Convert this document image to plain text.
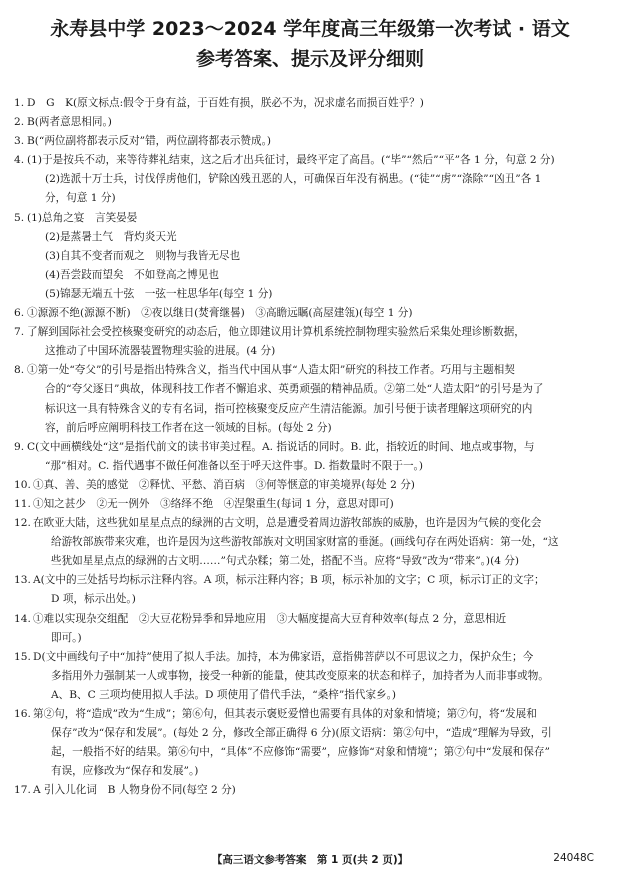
永寿县中学 2023～2024 学年度高三年级第一次考试 · 语文
参考答案、提示及评分细则
1. D　G　K(原文标点:假令于身有益，于百姓有损，朕必不为，况求虚名而损百姓乎？)
2. B(两者意思相同。)
3. B(“两位副将都表示反对”错，两位副将都表示赞成。)
4. (1)于是按兵不动，来等待葬礼结束，这之后才出兵征讨，最终平定了高昌。(“毕”“然后”“平”各 1 分，句意 2 分)
(2)选派十万士兵，讨伐俘虏他们，铲除凶残丑恶的人，可确保百年没有祸患。(“徒”“虏”“涤除”“凶丑”各 1
分，句意 1 分)
5. (1)总角之宴　言笑晏晏
(2)是蒸暑土气　背灼炎天光
(3)自其不变者而观之　则物与我皆无尽也
(4)吾尝跂而望矣　不如登高之博见也
(5)锦瑟无端五十弦　一弦一柱思华年(每空 1 分)
6. ①源源不绝(源源不断)　②夜以继日(焚膏继晷)　③高瞻远瞩(高屋建瓴)(每空 1 分)
7. 了解到国际社会受控核聚变研究的动态后，他立即建议用计算机系统控制物理实验然后采集处理诊断数据，
这推动了中国环流器装置物理实验的进展。(4 分)
8. ①第一处“夸父”的引号是指出特殊含义，指当代中国从事“人造太阳”研究的科技工作者。巧用与主题相契
合的“夸父逐日”典故，体现科技工作者不懈追求、英勇顽强的精神品质。②第二处“人造太阳”的引号是为了
标识这一具有特殊含义的专有名词，指可控核聚变反应产生清洁能源。加引号便于读者理解这项研究的内
容，前后呼应阐明科技工作者在这一领域的目标。(每处 2 分)
9. C(文中画横线处“这”是指代前文的读书审美过程。A. 指说话的同时。B. 此，指较近的时间、地点或事物，与
“那”相对。C. 指代遇事不做任何准备以至于呼天这件事。D. 指数量时不限于一。)
10. ①真、善、美的感觉　②释忧、平愁、消百病　③何等惬意的审美境界(每处 2 分)
11. ①知之甚少　②无一例外　③络绎不绝　④涅槃重生(每词 1 分，意思对即可)
12. 在欧亚大陆，这些犹如星星点点的绿洲的古文明，总是遭受着周边游牧部族的威胁，也许是因为气候的变化会
给游牧部族带来灾难，也许是因为这些游牧部族对文明国家财富的垂涎。(画线句存在两处语病：第一处，“这
些犹如星星点点的绿洲的古文明……”句式杂糅；第二处，搭配不当。应将“导致”改为“带来”。)(4 分)
13. A(文中的三处括号均标示注释内容。A 项，标示注释内容；B 项，标示补加的文字；C 项，标示订正的文字；
D 项，标示出处。)
14. ①难以实现杂交组配　②大豆花粉异季和异地应用　③大幅度提高大豆育种效率(每点 2 分，意思相近
即可。)
15. D(文中画线句子中“加持”使用了拟人手法。加持，本为佛家语，意指佛菩萨以不可思议之力，保护众生；今
多指用外力强制某一人或事物，接受一种新的能量，使其改变原来的状态和样子，加持者为人而非事或物。
A、B、C 三项均使用拟人手法。D 项使用了借代手法，“桑梓”指代家乡。)
16. 第②句，将“造成”改为“生成”；第⑥句，但其表示褒贬爱憎也需要有具体的对象和情境；第⑦句，将“发展和
保存”改为“保存和发展”。(每处 2 分，修改全部正确得 6 分)(原文语病：第②句中，“造成”理解为导致，引
起，一般指不好的结果。第⑥句中，“具体”不应修饰“需要”，应修饰“对象和情境”；第⑦句中“发展和保存”
有误，应修改为“保存和发展”。)
17. A 引入儿化词　B 人物身份不同(每空 2 分)
【高三语文参考答案　第 1 页(共 2 页)】	24048C
